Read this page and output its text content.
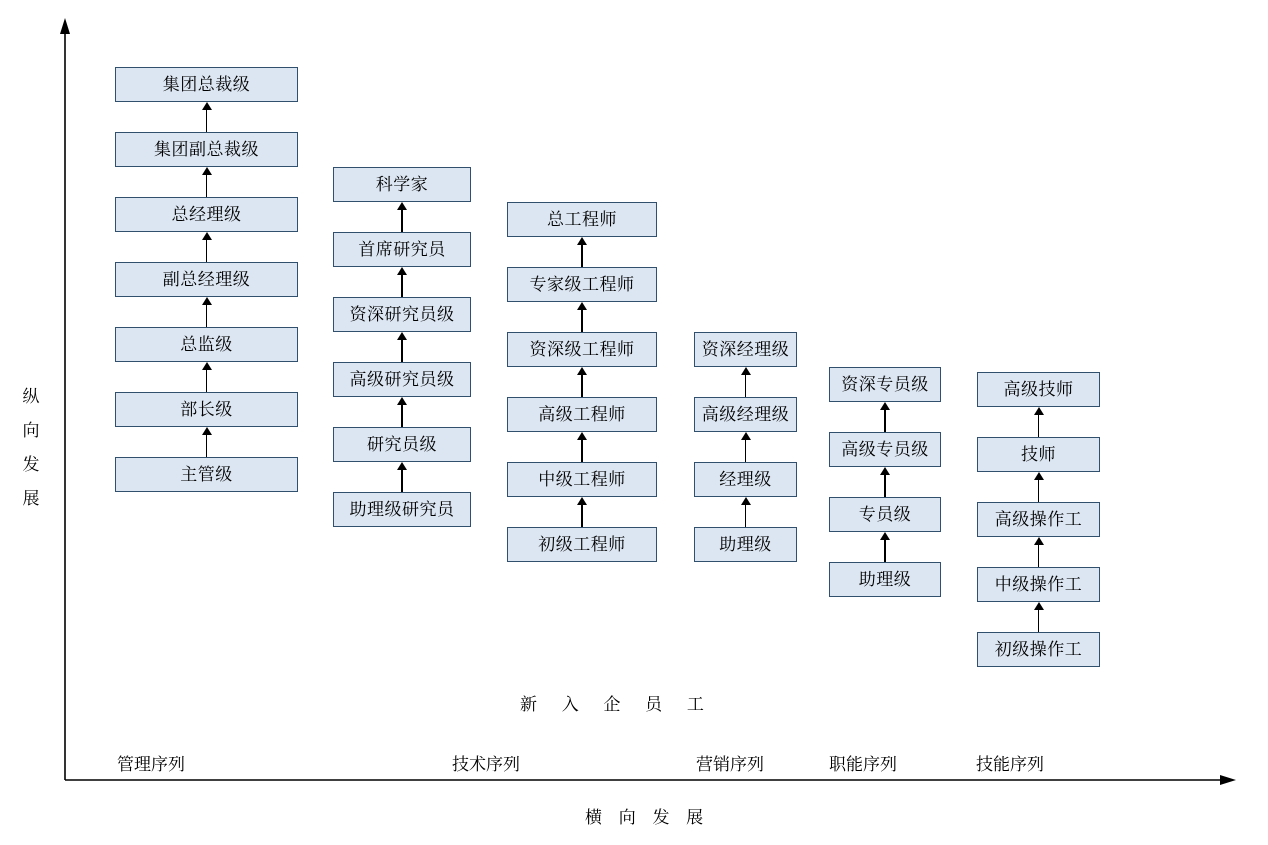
纵
向
发
展
主管级
部长级
总监级
副总经理级
总经理级
集团副总裁级
集团总裁级
助理级研究员
研究员级
高级研究员级
资深研究员级
首席研究员
科学家
初级工程师
中级工程师
高级工程师
资深级工程师
专家级工程师
总工程师
助理级
经理级
高级经理级
资深经理级
助理级
专员级
高级专员级
资深专员级
初级操作工
中级操作工
高级操作工
技师
高级技师
新 入 企 员 工
管理序列	技术序列	营销序列	职能序列	技能序列
横 向 发 展
